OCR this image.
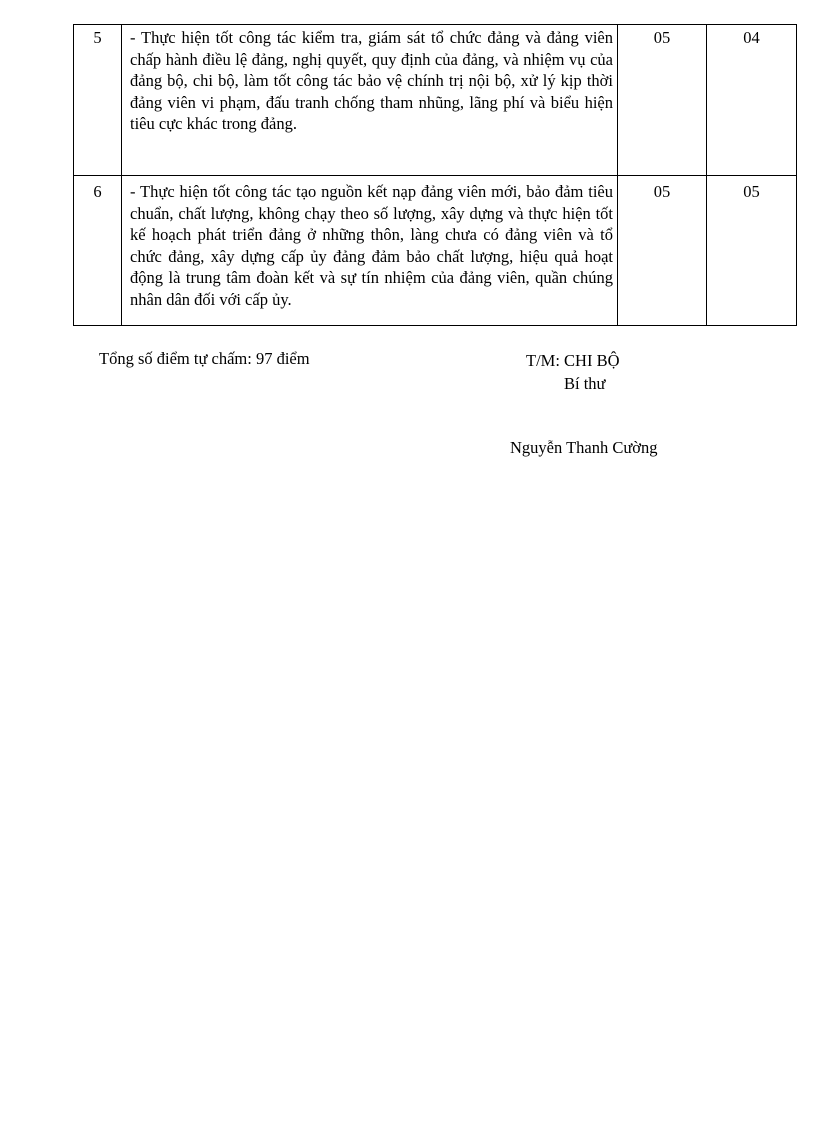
5	- Thực hiện tốt công tác kiểm tra, giám sát tổ chức đảng và đảng viên chấp hành điều lệ đảng, nghị quyết, quy định của đảng, và nhiệm vụ của đảng bộ, chi bộ, làm tốt công tác bảo vệ chính trị nội bộ, xử lý kịp thời đảng viên vi phạm, đấu tranh chống tham nhũng, lãng phí và biểu hiện tiêu cực khác trong đảng.	05	04

6	- Thực hiện tốt công tác tạo nguồn kết nạp đảng viên mới, bảo đảm tiêu chuẩn, chất lượng, không chạy theo số lượng, xây dựng và thực hiện tốt kế hoạch phát triển đảng ở những thôn, làng chưa có đảng viên và tổ chức đảng, xây dựng cấp ủy đảng đảm bảo chất lượng, hiệu quả hoạt động là trung tâm đoàn kết và sự tín nhiệm của đảng viên, quần chúng nhân dân đối với cấp ủy.	05	05
Tổng số điểm tự chấm: 97 điểm	T/M: CHI BỘ
Bí thư
Nguyễn Thanh Cường
